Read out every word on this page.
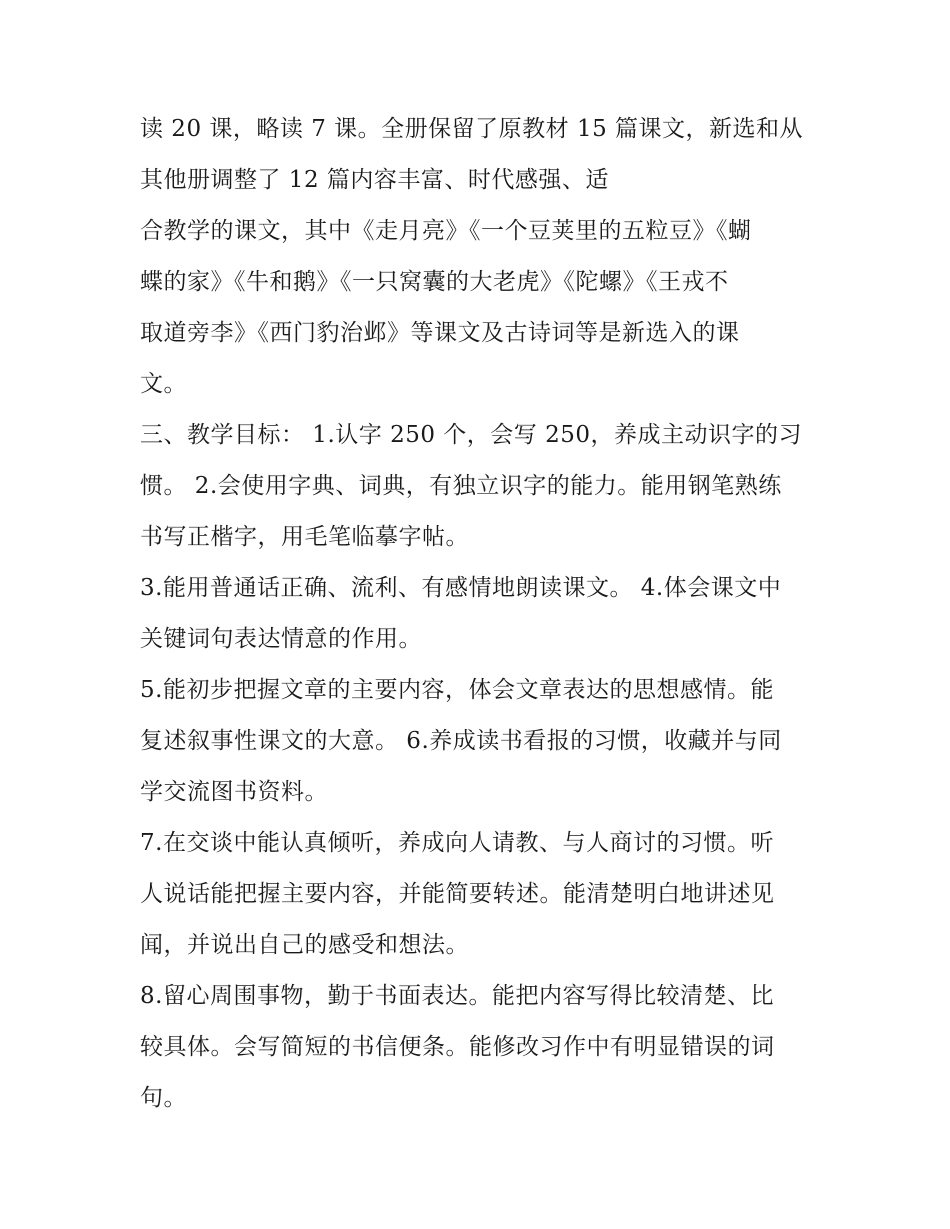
读 20 课，略读 7 课。全册保留了原教材 15 篇课文，新选和从
其他册调整了 12 篇内容丰富、时代感强、适
合教学的课文，其中《走月亮》《一个豆荚里的五粒豆》《蝴
蝶的家》《牛和鹅》《一只窝囊的大老虎》《陀螺》《王戎不
取道旁李》《西门豹治邺》等课文及古诗词等是新选入的课
文。
三、教学目标： 1.认字 250 个，会写 250，养成主动识字的习
惯。 2.会使用字典、词典，有独立识字的能力。能用钢笔熟练
书写正楷字，用毛笔临摹字帖。
3.能用普通话正确、流利、有感情地朗读课文。 4.体会课文中
关键词句表达情意的作用。
5.能初步把握文章的主要内容，体会文章表达的思想感情。能
复述叙事性课文的大意。 6.养成读书看报的习惯，收藏并与同
学交流图书资料。
7.在交谈中能认真倾听，养成向人请教、与人商讨的习惯。听
人说话能把握主要内容，并能简要转述。能清楚明白地讲述见
闻，并说出自己的感受和想法。
8.留心周围事物，勤于书面表达。能把内容写得比较清楚、比
较具体。会写简短的书信便条。能修改习作中有明显错误的词
句。
